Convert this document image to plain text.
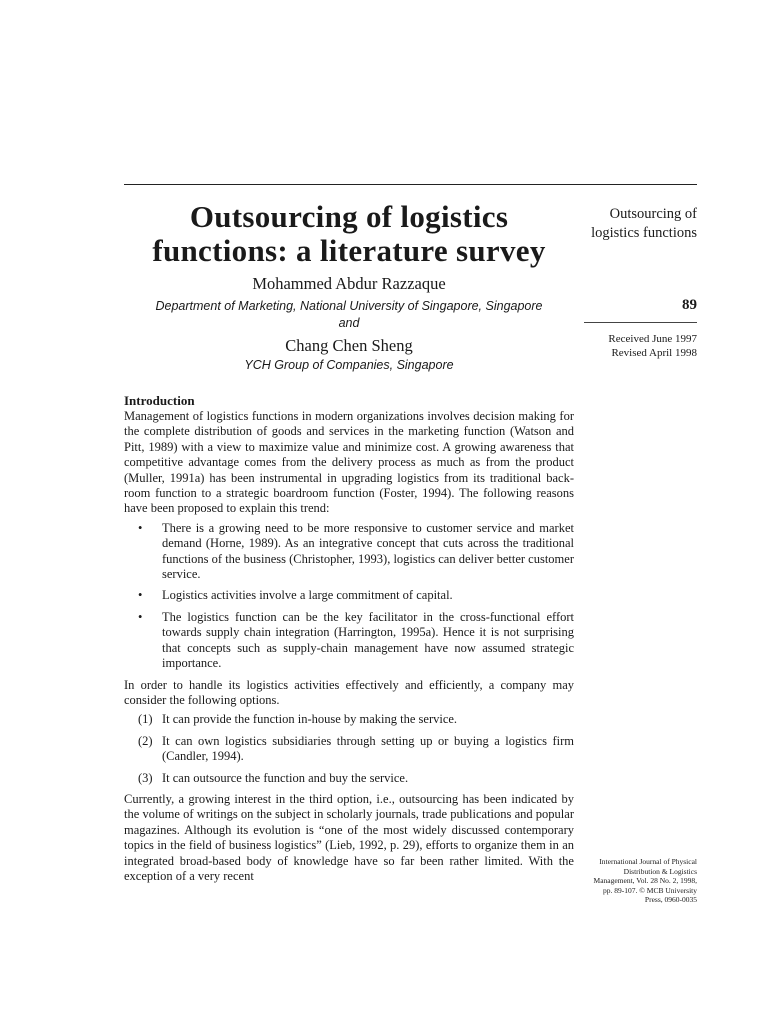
Outsourcing of logistics functions: a literature survey
Mohammed Abdur Razzaque
Department of Marketing, National University of Singapore, Singapore
and
Chang Chen Sheng
YCH Group of Companies, Singapore
Introduction

Management of logistics functions in modern organizations involves decision making for the complete distribution of goods and services in the marketing function (Watson and Pitt, 1989) with a view to maximize value and minimize cost. A growing awareness that competitive advantage comes from the delivery process as much as from the product (Muller, 1991a) has been instrumental in upgrading logistics from its traditional back-room function to a strategic boardroom function (Foster, 1994). The following reasons have been proposed to explain this trend:

• There is a growing need to be more responsive to customer service and market demand (Horne, 1989). As an integrative concept that cuts across the traditional functions of the business (Christopher, 1993), logistics can deliver better customer service.
• Logistics activities involve a large commitment of capital.
• The logistics function can be the key facilitator in the cross-functional effort towards supply chain integration (Harrington, 1995a). Hence it is not surprising that concepts such as supply-chain management have now assumed strategic importance.

In order to handle its logistics activities effectively and efficiently, a company may consider the following options.

(1) It can provide the function in-house by making the service.
(2) It can own logistics subsidiaries through setting up or buying a logistics firm (Candler, 1994).
(3) It can outsource the function and buy the service.

Currently, a growing interest in the third option, i.e., outsourcing has been indicated by the volume of writings on the subject in scholarly journals, trade publications and popular magazines. Although its evolution is “one of the most widely discussed contemporary topics in the field of business logistics” (Lieb, 1992, p. 29), efforts to organize them in an integrated broad-based body of knowledge have so far been rather limited. With the exception of a very recent

Outsourcing of logistics functions
89
Received June 1997
Revised April 1998
International Journal of Physical Distribution & Logistics Management, Vol. 28 No. 2, 1998, pp. 89-107. © MCB University Press, 0960-0035
